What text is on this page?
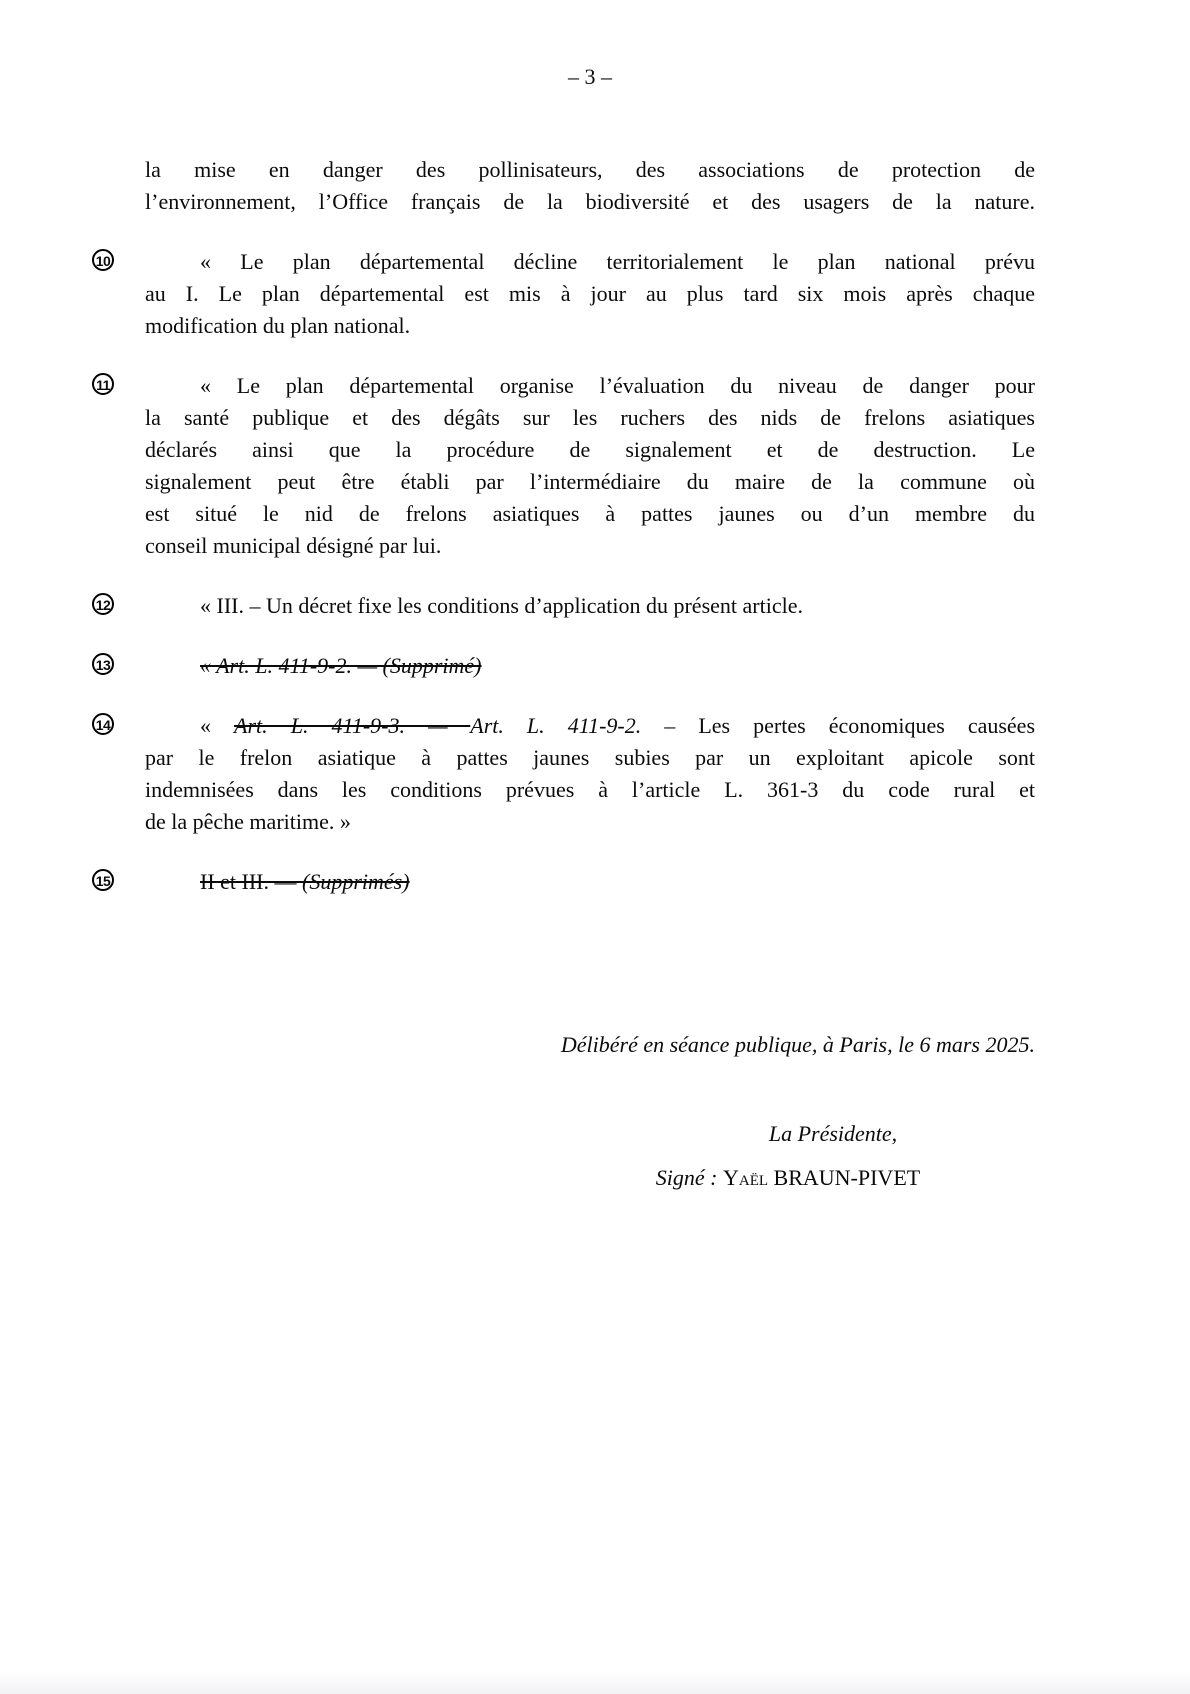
– 3 –
la mise en danger des pollinisateurs, des associations de protection de
l’environnement, l’Office français de la biodiversité et des usagers de la nature.
10	« Le plan départemental décline territorialement le plan national prévu
au I. Le plan départemental est mis à jour au plus tard six mois après chaque
modification du plan national.
11	« Le plan départemental organise l’évaluation du niveau de danger pour
la santé publique et des dégâts sur les ruchers des nids de frelons asiatiques
déclarés ainsi que la procédure de signalement et de destruction. Le
signalement peut être établi par l’intermédiaire du maire de la commune où
est situé le nid de frelons asiatiques à pattes jaunes ou d’un membre du
conseil municipal désigné par lui.
12	« III. – Un décret fixe les conditions d’application du présent article.
13	« Art. L. 411-9-2. — (Supprimé)
14	« Art. L. 411-9-3. — Art. L. 411-9-2. – Les pertes économiques causées
par le frelon asiatique à pattes jaunes subies par un exploitant apicole sont
indemnisées dans les conditions prévues à l’article L. 361-3 du code rural et
de la pêche maritime. »
15	II et III. — (Supprimés)
Délibéré en séance publique, à Paris, le 6 mars 2025.
La Présidente,
Signé : Yaël BRAUN-PIVET
